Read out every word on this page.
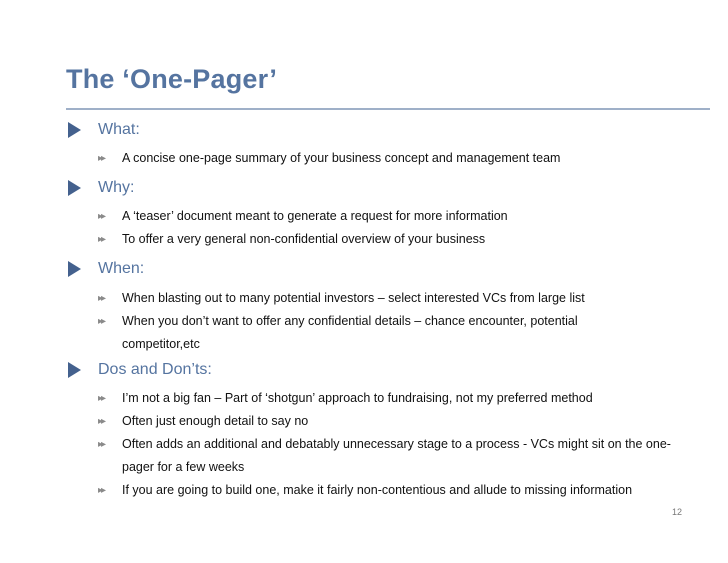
The ‘One-Pager’
What:
▸▸ A concise one-page summary of your business concept and management team
Why:
▸▸ A ‘teaser’ document meant to generate a request for more information
▸▸ To offer a very general non-confidential overview of your business
When:
▸▸ When blasting out to many potential investors – select interested VCs from large list
▸▸ When you don’t want to offer any confidential details – chance encounter, potential competitor,etc
Dos and Don’ts:
▸▸ I’m not a big fan – Part of ‘shotgun’ approach to fundraising, not my preferred method
▸▸ Often just enough detail to say no
▸▸ Often adds an additional and debatably unnecessary stage to a process - VCs might sit on the one-pager for a few weeks
▸▸ If you are going to build one, make it fairly non-contentious and allude to missing information
12
